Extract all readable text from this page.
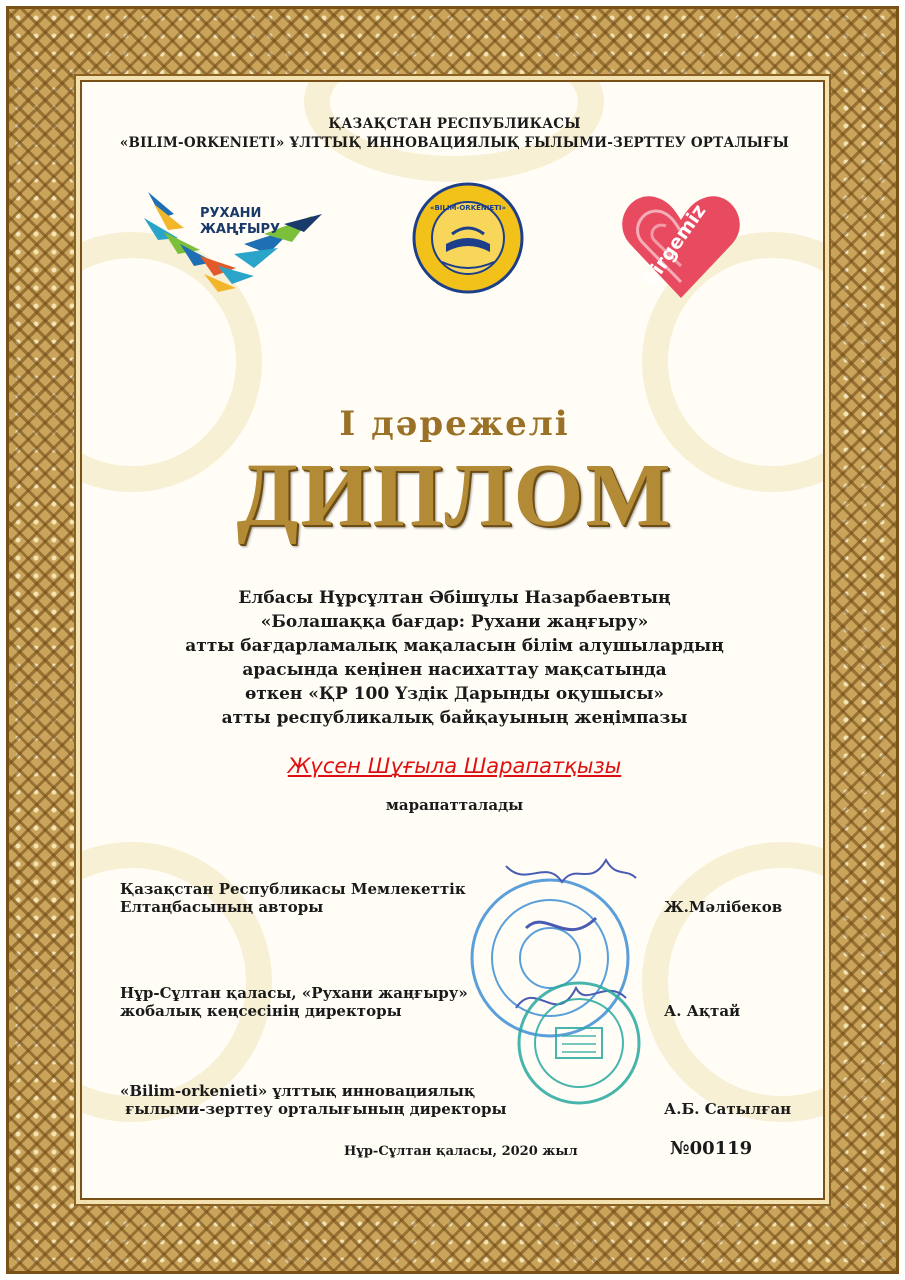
ҚАЗАҚСТАН РЕСПУБЛИКАСЫ
«BILIM-ORKENIETI» ҰЛТТЫҚ ИННОВАЦИЯЛЫҚ ҒЫЛЫМИ-ЗЕРТТЕУ ОРТАЛЫҒЫ
РУХАНИ
ЖАҢҒЫРУ
«BILIM-ORKENIETI»	birgemiz
I дәрежелі
ДИПЛОМ
Елбасы Нұрсұлтан Әбішұлы Назарбаевтың
«Болашаққа бағдар: Рухани жаңғыру»
атты бағдарламалық мақаласын білім алушылардың
арасында кеңінен насихаттау мақсатында
өткен «ҚР 100 Үздік Дарынды оқушысы»
атты республикалық байқауының жеңімпазы
Жүсен Шұғыла Шарапатқызы
марапатталады
Қазақстан Республикасы Мемлекеттік
Елтаңбасының авторы	Ж.Мәлібеков
Нұр-Сұлтан қаласы, «Рухани жаңғыру»
жобалық кеңсесінің директоры	А. Ақтай
«Bilim-orkenieti» ұлттық инновациялық
ғылыми-зерттеу орталығының директоры	А.Б. Сатылған
Нұр-Сұлтан қаласы, 2020 жыл	№00119
